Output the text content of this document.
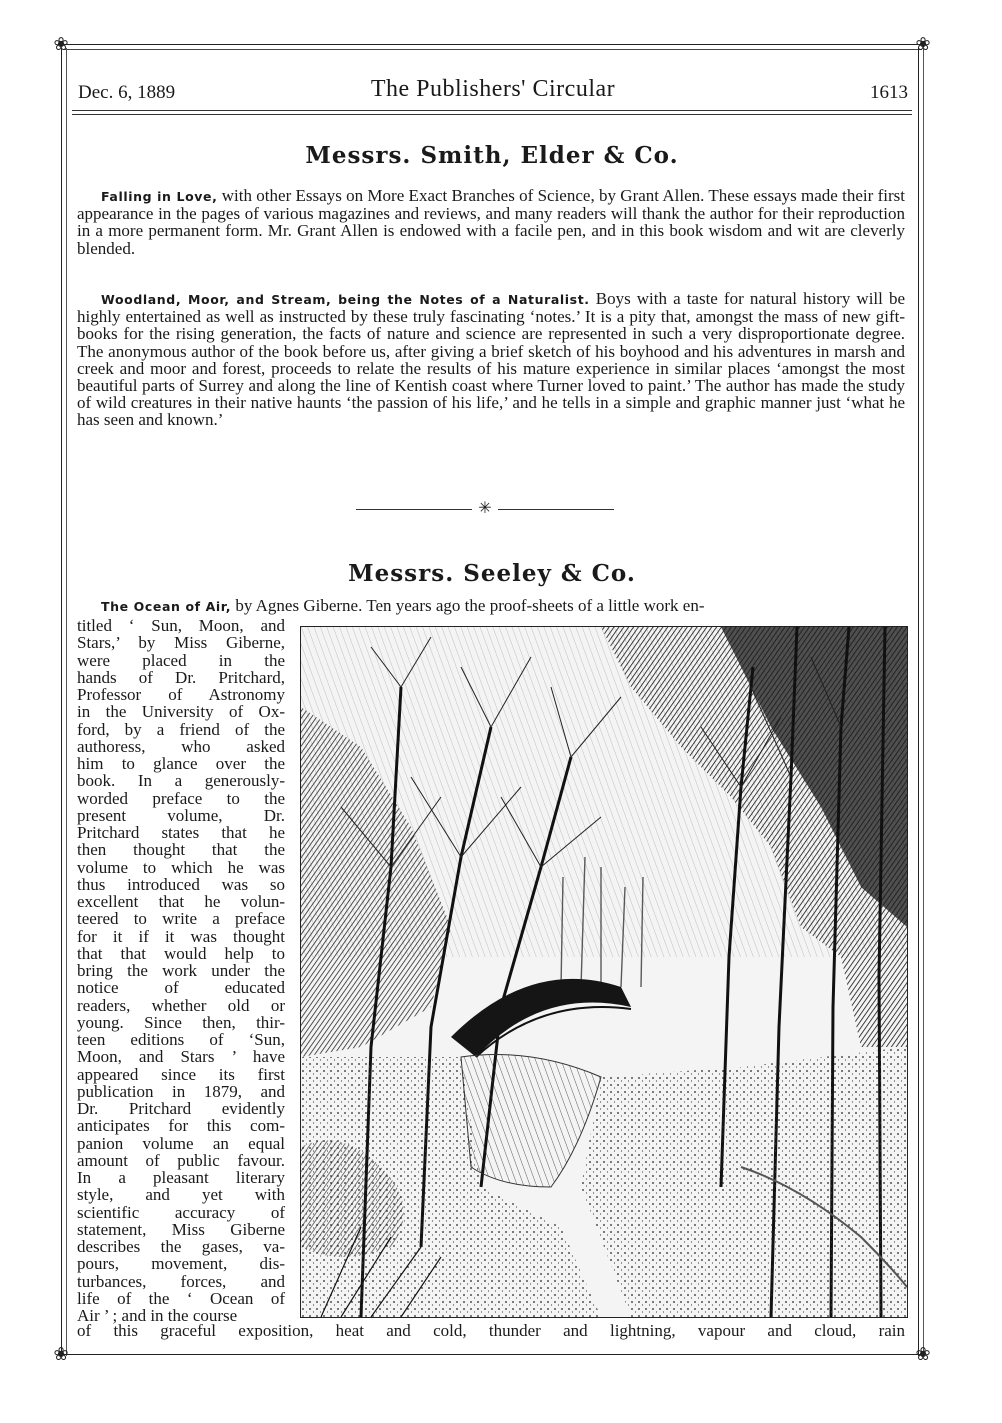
❀	❀
❀	❀
Dec. 6, 1889	The Publishers' Circular	1613
Messrs. Smith, Elder & Co.
Falling in Love, with other Essays on More Exact Branches of Science, by Grant Allen. These essays made their first appearance in the pages of various magazines and reviews, and many readers will thank the author for their reproduction in a more permanent form. Mr. Grant Allen is endowed with a facile pen, and in this book wisdom and wit are cleverly blended.
Woodland, Moor, and Stream, being the Notes of a Naturalist. Boys with a taste for natural history will be highly entertained as well as instructed by these truly fascinating ‘notes.’ It is a pity that, amongst the mass of new gift-books for the rising generation, the facts of nature and science are represented in such a very disproportionate degree. The anonymous author of the book before us, after giving a brief sketch of his boyhood and his adventures in marsh and creek and moor and forest, proceeds to relate the results of his mature experience in similar places ‘amongst the most beautiful parts of Surrey and along the line of Kentish coast where Turner loved to paint.’ The author has made the study of wild creatures in their native haunts ‘the passion of his life,’ and he tells in a simple and graphic manner just ‘what he has seen and known.’
✳
Messrs. Seeley & Co.
The Ocean of Air, by Agnes Giberne. Ten years ago the proof-sheets of a little work en-
titled ‘ Sun, Moon, and
Stars,’ by Miss Giberne,
were placed in the
hands of Dr. Pritchard,
Professor of Astronomy
in the University of Ox-
ford, by a friend of the
authoress, who asked
him to glance over the
book. In a generously-
worded preface to the
present volume, Dr.
Pritchard states that he
then thought that the
volume to which he was
thus introduced was so
excellent that he volun-
teered to write a preface
for it if it was thought
that that would help to
bring the work under the
notice of educated
readers, whether old or
young. Since then, thir-
teen editions of ‘Sun,
Moon, and Stars ’ have
appeared since its first
publication in 1879, and
Dr. Pritchard evidently
anticipates for this com-
panion volume an equal
amount of public favour.
In a pleasant literary
style, and yet with
scientific accuracy of
statement, Miss Giberne
describes the gases, va-
pours, movement, dis-
turbances, forces, and
life of the ‘ Ocean of
Air ’ ; and in the course
of this graceful exposition, heat and cold, thunder and lightning, vapour and cloud, rain
